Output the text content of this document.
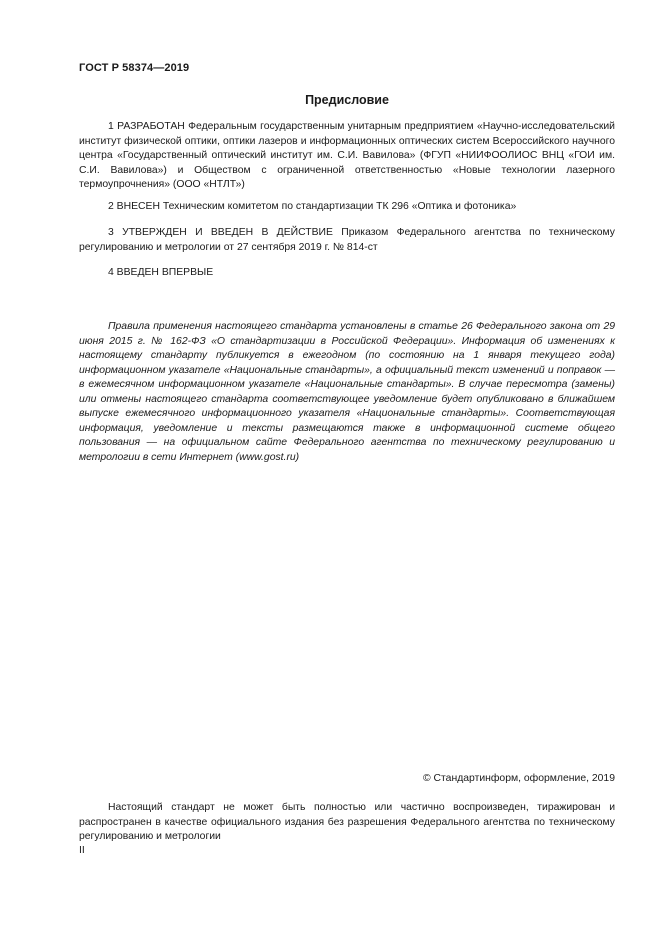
ГОСТ Р 58374—2019
Предисловие

1 РАЗРАБОТАН Федеральным государственным унитарным предприятием «Научно-исследовательский институт физической оптики, оптики лазеров и информационных оптических систем Всероссийского научного центра «Государственный оптический институт им. С.И. Вавилова» (ФГУП «НИИФООЛИОС ВНЦ «ГОИ им. С.И. Вавилова») и Обществом с ограниченной ответственностью «Новые технологии лазерного термоупрочнения» (ООО «НТЛТ»)

2 ВНЕСЕН Техническим комитетом по стандартизации ТК 296 «Оптика и фотоника»

3 УТВЕРЖДЕН И ВВЕДЕН В ДЕЙСТВИЕ Приказом Федерального агентства по техническому регулированию и метрологии от 27 сентября 2019 г. № 814-ст

4 ВВЕДЕН ВПЕРВЫЕ

Правила применения настоящего стандарта установлены в статье 26 Федерального закона от 29 июня 2015 г. № 162-ФЗ «О стандартизации в Российской Федерации». Информация об изменениях к настоящему стандарту публикуется в ежегодном (по состоянию на 1 января текущего года) информационном указателе «Национальные стандарты», а официальный текст изменений и поправок — в ежемесячном информационном указателе «Национальные стандарты». В случае пересмотра (замены) или отмены настоящего стандарта соответствующее уведомление будет опубликовано в ближайшем выпуске ежемесячного информационного указателя «Национальные стандарты». Соответствующая информация, уведомление и тексты размещаются также в информационной системе общего пользования — на официальном сайте Федерального агентства по техническому регулированию и метрологии в сети Интернет (www.gost.ru)

© Стандартинформ, оформление, 2019

Настоящий стандарт не может быть полностью или частично воспроизведен, тиражирован и распространен в качестве официального издания без разрешения Федерального агентства по техническому регулированию и метрологии

II
